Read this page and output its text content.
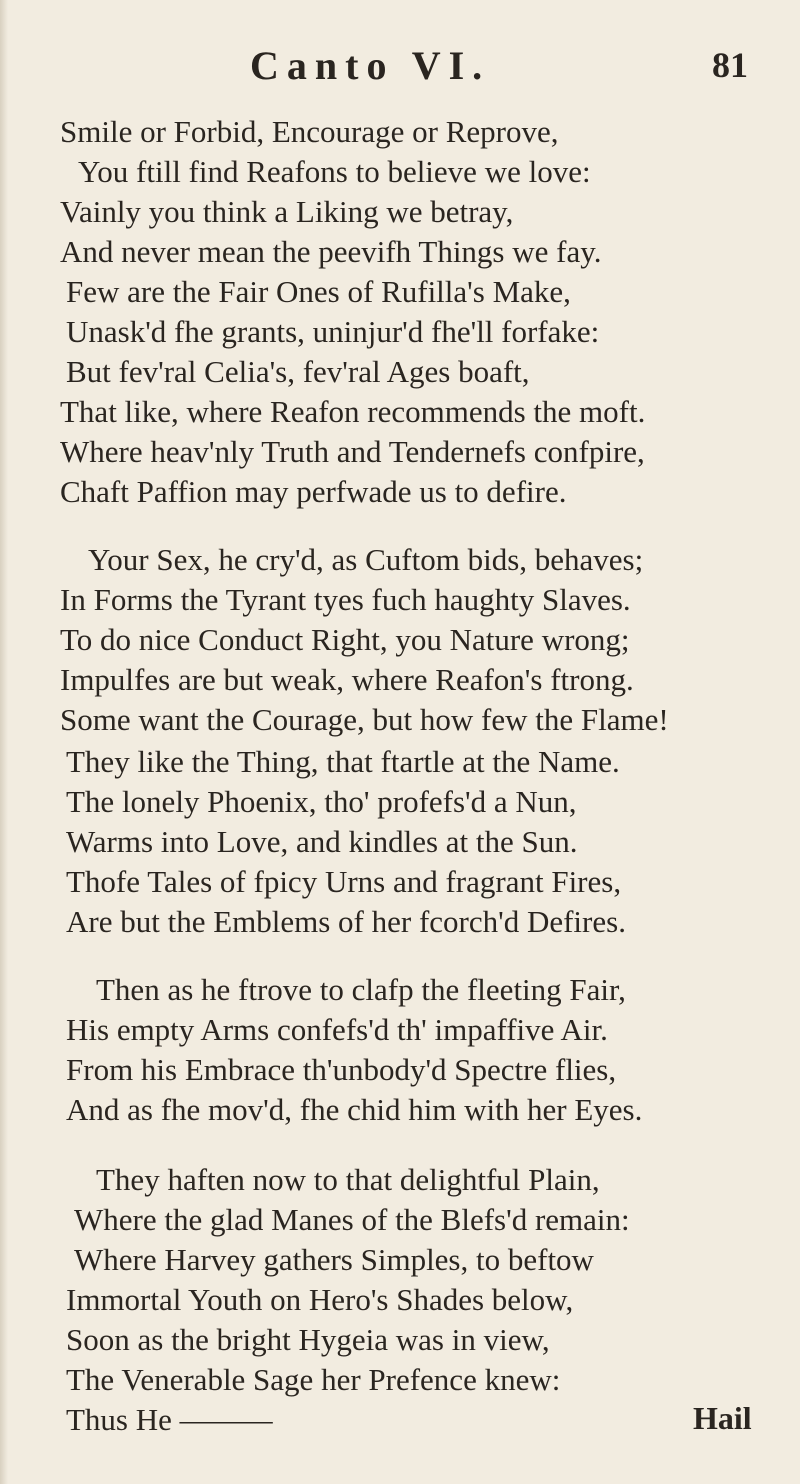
Canto VI.	81
Smile or Forbid, Encourage or Reprove,
You ftill find Reafons to believe we love:
Vainly you think a Liking we betray,
And never mean the peevifh Things we fay.
Few are the Fair Ones of Rufilla's Make,
Unask'd fhe grants, uninjur'd fhe'll forfake:
But fev'ral Celia's, fev'ral Ages boaft,
That like, where Reafon recommends the moft.
Where heav'nly Truth and Tendernefs confpire,
Chaft Paffion may perfwade us to defire.
Your Sex, he cry'd, as Cuftom bids, behaves;
In Forms the Tyrant tyes fuch haughty Slaves.
To do nice Conduct Right, you Nature wrong;
Impulfes are but weak, where Reafon's ftrong.
Some want the Courage, but how few the Flame!
They like the Thing, that ftartle at the Name.
The lonely Phoenix, tho' profefs'd a Nun,
Warms into Love, and kindles at the Sun.
Thofe Tales of fpicy Urns and fragrant Fires,
Are but the Emblems of her fcorch'd Defires.
Then as he ftrove to clafp the fleeting Fair,
His empty Arms confefs'd th' impaffive Air.
From his Embrace th'unbody'd Spectre flies,
And as fhe mov'd, fhe chid him with her Eyes.
They haften now to that delightful Plain,
Where the glad Manes of the Blefs'd remain:
Where Harvey gathers Simples, to beftow
Immortal Youth on Hero's Shades below,
Soon as the bright Hygeia was in view,
The Venerable Sage her Prefence knew:
Thus He ———	Hail
